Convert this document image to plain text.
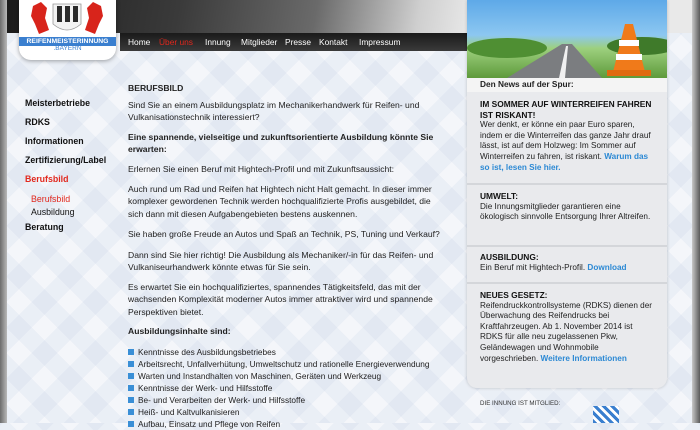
REIFENMEISTERINNUNG
.BAYERN
Home Über uns Innung Mitglieder Presse Kontakt Impressum
Meisterbetriebe
RDKS
Informationen
Zertifizierung/Label
Berufsbild
Berufsbild
Ausbildung
Beratung

BERUFSBILD

Sind Sie an einem Ausbildungsplatz im Mechanikerhandwerk für Reifen- und Vulkanisationstechnik interessiert?

Eine spannende, vielseitige und zukunftsorientierte Ausbildung könnte Sie erwarten:

Erlernen Sie einen Beruf mit Hightech-Profil und mit Zukunftsaussicht:

Auch rund um Rad und Reifen hat Hightech nicht Halt gemacht. In dieser immer komplexer gewordenen Technik werden hochqualifizierte Profis ausgebildet, die sich dann mit diesen Aufgabengebieten bestens auskennen.

Sie haben große Freude an Autos und Spaß an Technik, PS, Tuning und Verkauf?

Dann sind Sie hier richtig! Die Ausbildung als Mechaniker/-in für das Reifen- und Vulkaniseurhandwerk könnte etwas für Sie sein.

Es erwartet Sie ein hochqualifiziertes, spannendes Tätigkeitsfeld, das mit der wachsenden Komplexität moderner Autos immer attraktiver wird und spannende Perspektiven bietet.

Ausbildungsinhalte sind:

Kenntnisse des Ausbildungsbetriebes
Arbeitsrecht, Unfallverhütung, Umweltschutz und rationelle Energieverwendung
Warten und Instandhalten von Maschinen, Geräten und Werkzeug
Kenntnisse der Werk- und Hilfsstoffe
Be- und Verarbeiten der Werk- und Hilfsstoffe
Heiß- und Kaltvulkanisieren
Aufbau, Einsatz und Pflege von Reifen
Den News auf der Spur:
IM SOMMER AUF WINTERREIFEN FAHREN IST RISKANT!
Wer denkt, er könne ein paar Euro sparen, indem er die Winterreifen das ganze Jahr drauf lässt, ist auf dem Holzweg: Im Sommer auf Winterreifen zu fahren, ist riskant. Warum das so ist, lesen Sie hier.
UMWELT:
Die Innungsmitglieder garantieren eine ökologisch sinnvolle Entsorgung Ihrer Altreifen.
AUSBILDUNG:
Ein Beruf mit Hightech-Profil. Download
NEUES GESETZ:
Reifendruckkontrollsysteme (RDKS) dienen der Überwachung des Reifendrucks bei Kraftfahrzeugen. Ab 1. November 2014 ist RDKS für alle neu zugelassenen Pkw, Geländewagen und Wohnmobile vorgeschrieben. Weitere Informationen
DIE INNUNG IST MITGLIED:
